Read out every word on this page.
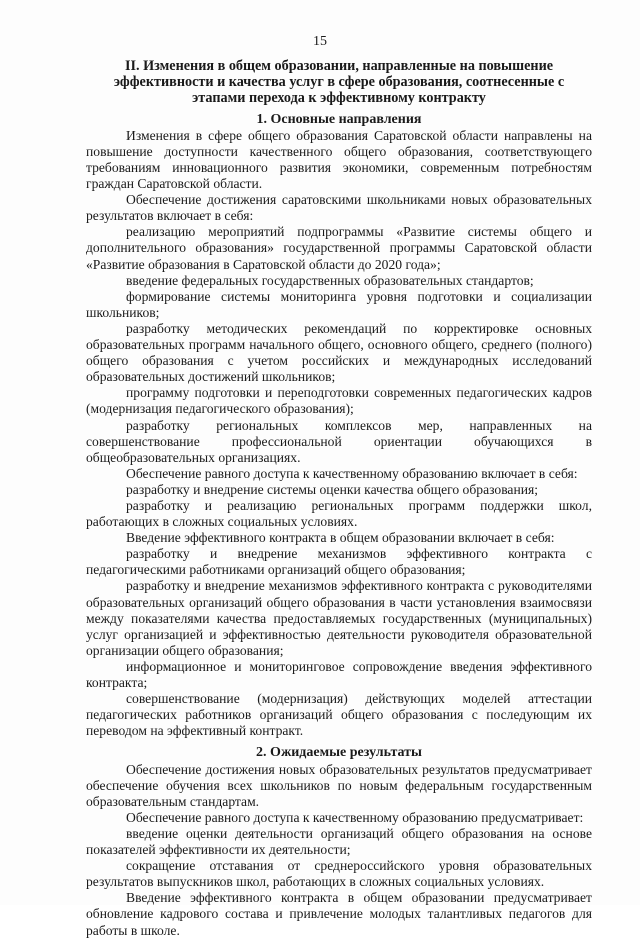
15
II. Изменения в общем образовании, направленные на повышение эффективности и качества услуг в сфере образования, соотнесенные с этапами перехода к эффективному контракту
1. Основные направления

Изменения в сфере общего образования Саратовской области направлены на повышение доступности качественного общего образования, соответствующего требованиям инновационного развития экономики, современным потребностям граждан Саратовской области.

Обеспечение достижения саратовскими школьниками новых образовательных результатов включает в себя:

реализацию мероприятий подпрограммы «Развитие системы общего и дополнительного образования» государственной программы Саратовской области «Развитие образования в Саратовской области до 2020 года»;

введение федеральных государственных образовательных стандартов;

формирование системы мониторинга уровня подготовки и социализации школьников;

разработку методических рекомендаций по корректировке основных образовательных программ начального общего, основного общего, среднего (полного) общего образования с учетом российских и международных исследований образовательных достижений школьников;

программу подготовки и переподготовки современных педагогических кадров (модернизация педагогического образования);

разработку региональных комплексов мер, направленных на совершенствование профессиональной ориентации обучающихся в общеобразовательных организациях.

Обеспечение равного доступа к качественному образованию включает в себя:

разработку и внедрение системы оценки качества общего образования;

разработку и реализацию региональных программ поддержки школ, работающих в сложных социальных условиях.

Введение эффективного контракта в общем образовании включает в себя:

разработку и внедрение механизмов эффективного контракта с педагогическими работниками организаций общего образования;

разработку и внедрение механизмов эффективного контракта с руководителями образовательных организаций общего образования в части установления взаимосвязи между показателями качества предоставляемых государственных (муниципальных) услуг организацией и эффективностью деятельности руководителя образовательной организации общего образования;

информационное и мониторинговое сопровождение введения эффективного контракта;

совершенствование (модернизация) действующих моделей аттестации педагогических работников организаций общего образования с последующим их переводом на эффективный контракт.

2. Ожидаемые результаты

Обеспечение достижения новых образовательных результатов предусматривает обеспечение обучения всех школьников по новым федеральным государственным образовательным стандартам.

Обеспечение равного доступа к качественному образованию предусматривает:

введение оценки деятельности организаций общего образования на основе показателей эффективности их деятельности;

сокращение отставания от среднероссийского уровня образовательных результатов выпускников школ, работающих в сложных социальных условиях.

Введение эффективного контракта в общем образовании предусматривает обновление кадрового состава и привлечение молодых талантливых педагогов для работы в школе.
